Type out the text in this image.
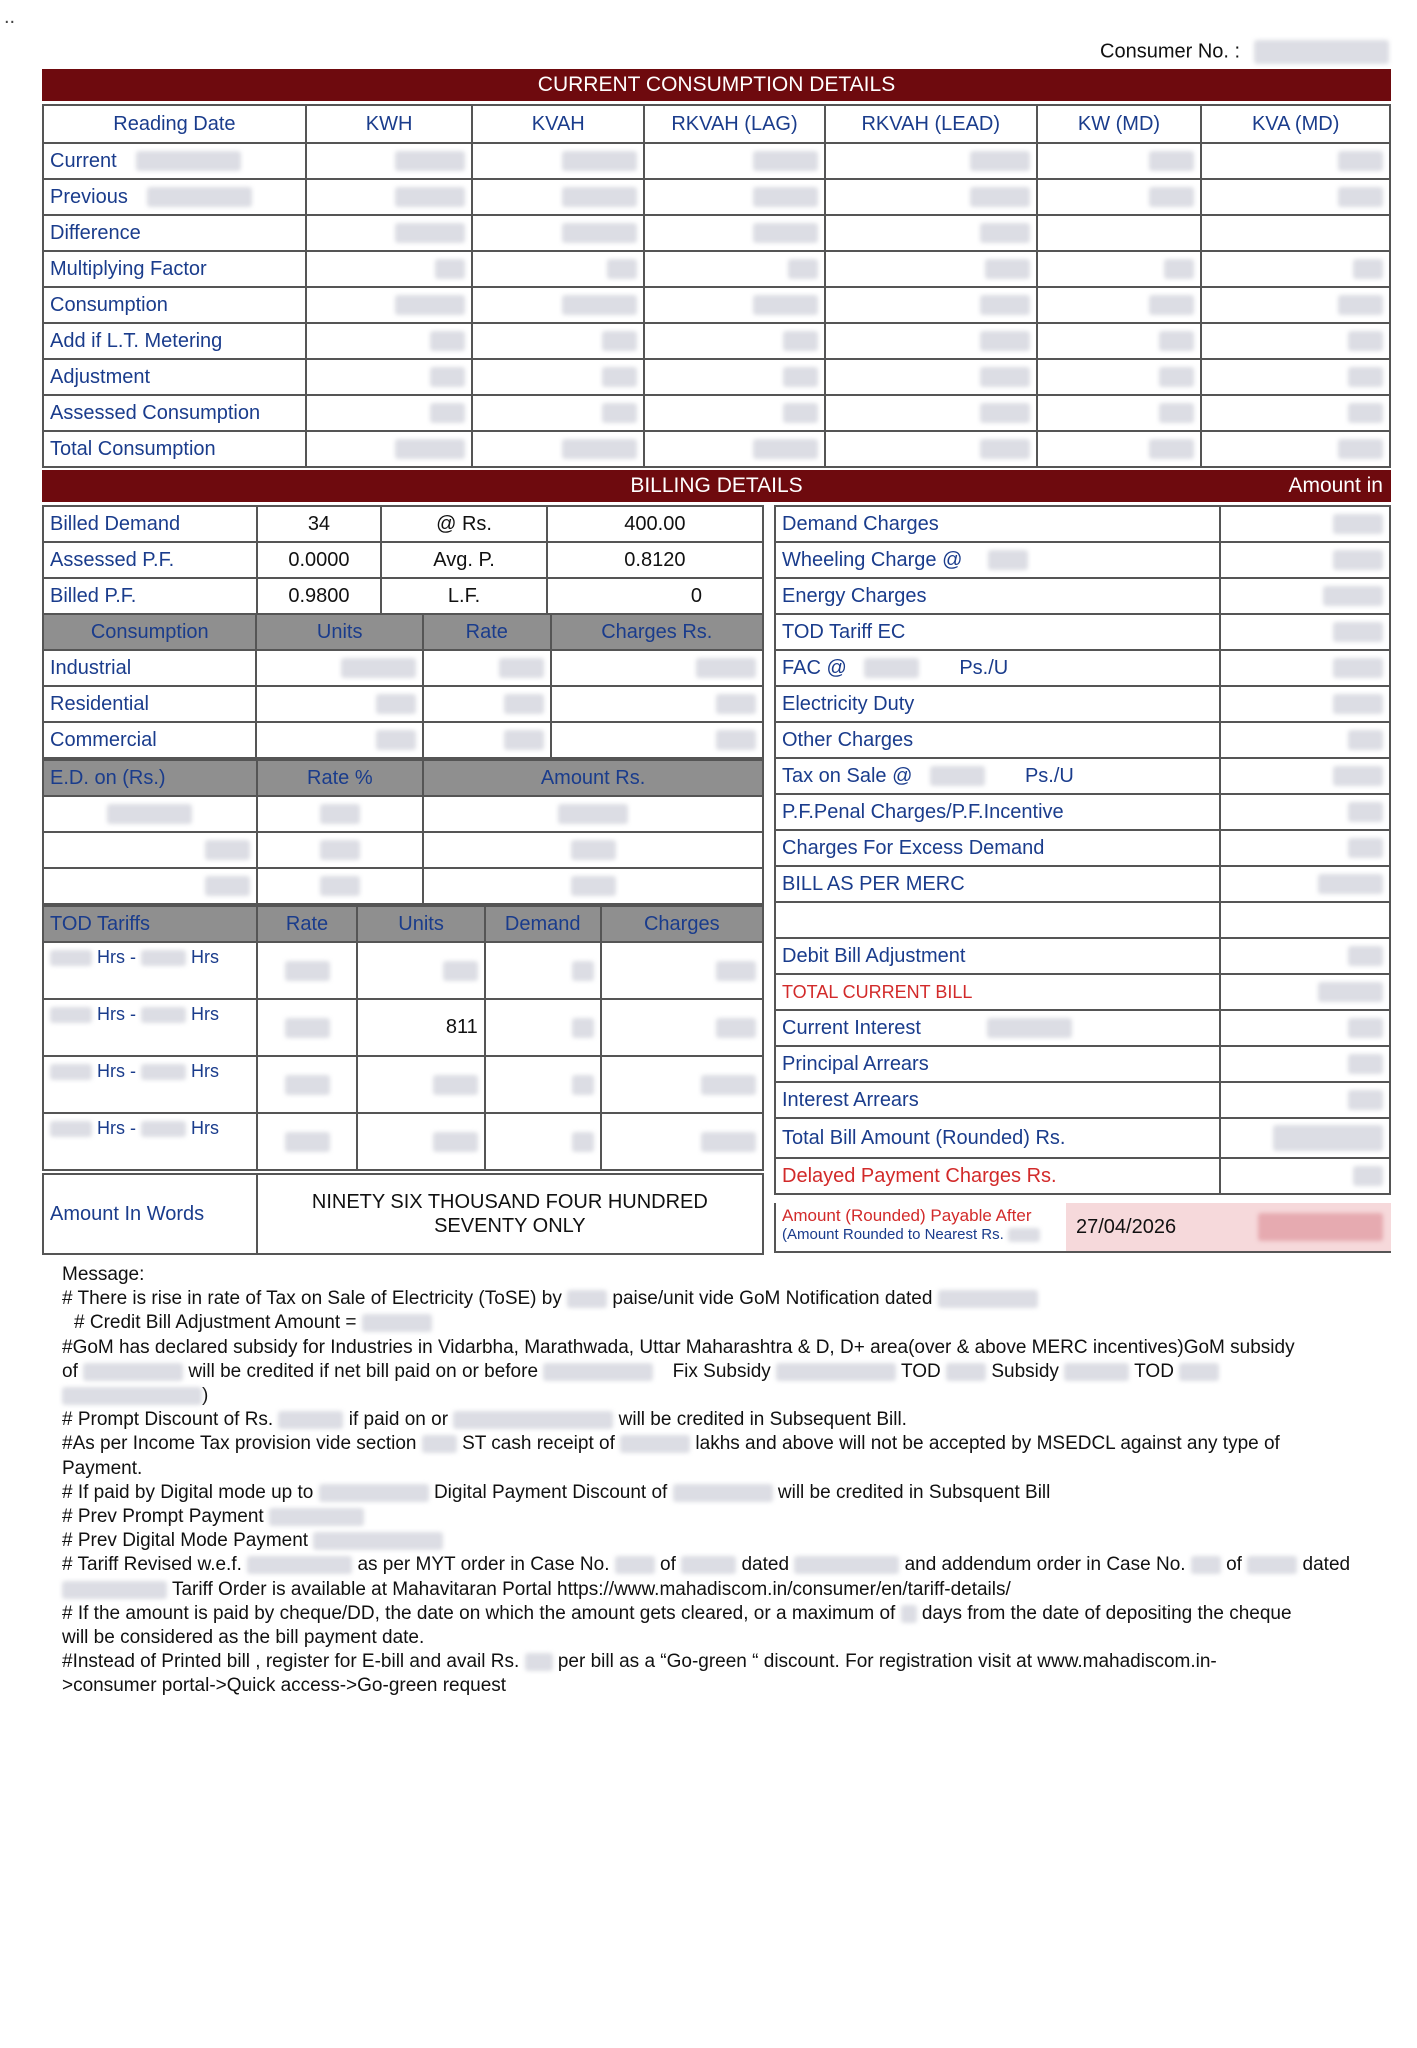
..
Consumer No. :
CURRENT CONSUMPTION DETAILS
Reading Date	KWH	KVAH	RKVAH (LAG)	RKVAH (LEAD)	KW (MD)	KVA (MD)
Current						
Previous						
Difference						
Multiplying Factor						
Consumption						
Add if L.T. Metering						
Adjustment						
Assessed Consumption						
Total Consumption						
BILLING DETAILS	Amount in
Billed Demand	34	@ Rs.	400.00
Assessed P.F.	0.0000	Avg. P.	0.8120
Billed P.F.	0.9800	L.F.	0
Consumption	Units	Rate	Charges Rs.
Industrial			
Residential			
Commercial			
E.D. on (Rs.)	Rate %	Amount Rs.

TOD Tariffs	Rate	Units	Demand	Charges
Hrs - Hrs				
Hrs - Hrs		811		
Hrs - Hrs				
Hrs - Hrs				
Amount In Words	NINETY SIX THOUSAND FOUR HUNDRED SEVENTY ONLY
Demand Charges	
Wheeling Charge @	
Energy Charges	
TOD Tariff EC	
FAC @ Ps./U	
Electricity Duty	
Other Charges	
Tax on Sale @ Ps./U	
P.F.Penal Charges/P.F.Incentive	
Charges For Excess Demand	
BILL AS PER MERC	

Debit Bill Adjustment	
TOTAL CURRENT BILL	
Current Interest	
Principal Arrears	
Interest Arrears	
Total Bill Amount (Rounded) Rs.	
Delayed Payment Charges Rs.	
Amount (Rounded) Payable After
(Amount Rounded to Nearest Rs.	27/04/2026

Message:

# There is rise in rate of Tax on Sale of Electricity (ToSE) by	paise/unit vide GoM Notification dated

# Credit Bill Adjustment Amount =

#GoM has declared subsidy for Industries in Vidarbha, Marathwada, Uttar Maharashtra & D, D+ area(over & above MERC incentives)GoM subsidy

of	will be credited if net bill paid on or before	Fix Subsidy	TOD	Subsidy	TOD

)

# Prompt Discount of Rs.	if paid on or	will be credited in Subsequent Bill.

#As per Income Tax provision vide section ST cash receipt of	lakhs and above will not be accepted by MSEDCL against any type of

Payment.

# If paid by Digital mode up to	Digital Payment Discount of	will be credited in Subsquent Bill

# Prev Prompt Payment

# Prev Digital Mode Payment

# Tariff Revised w.e.f.	as per MYT order in Case No.	of	dated	and addendum order in Case No. of	dated

Tariff Order is available at Mahavitaran Portal https://www.mahadiscom.in/consumer/en/tariff-details/

# If the amount is paid by cheque/DD, the date on which the amount gets cleared, or a maximum of days from the date of depositing the cheque

will be considered as the bill payment date.

#Instead of Printed bill , register for E-bill and avail Rs. per bill as a “Go-green “ discount. For registration visit at www.mahadiscom.in-

>consumer portal->Quick access->Go-green request
